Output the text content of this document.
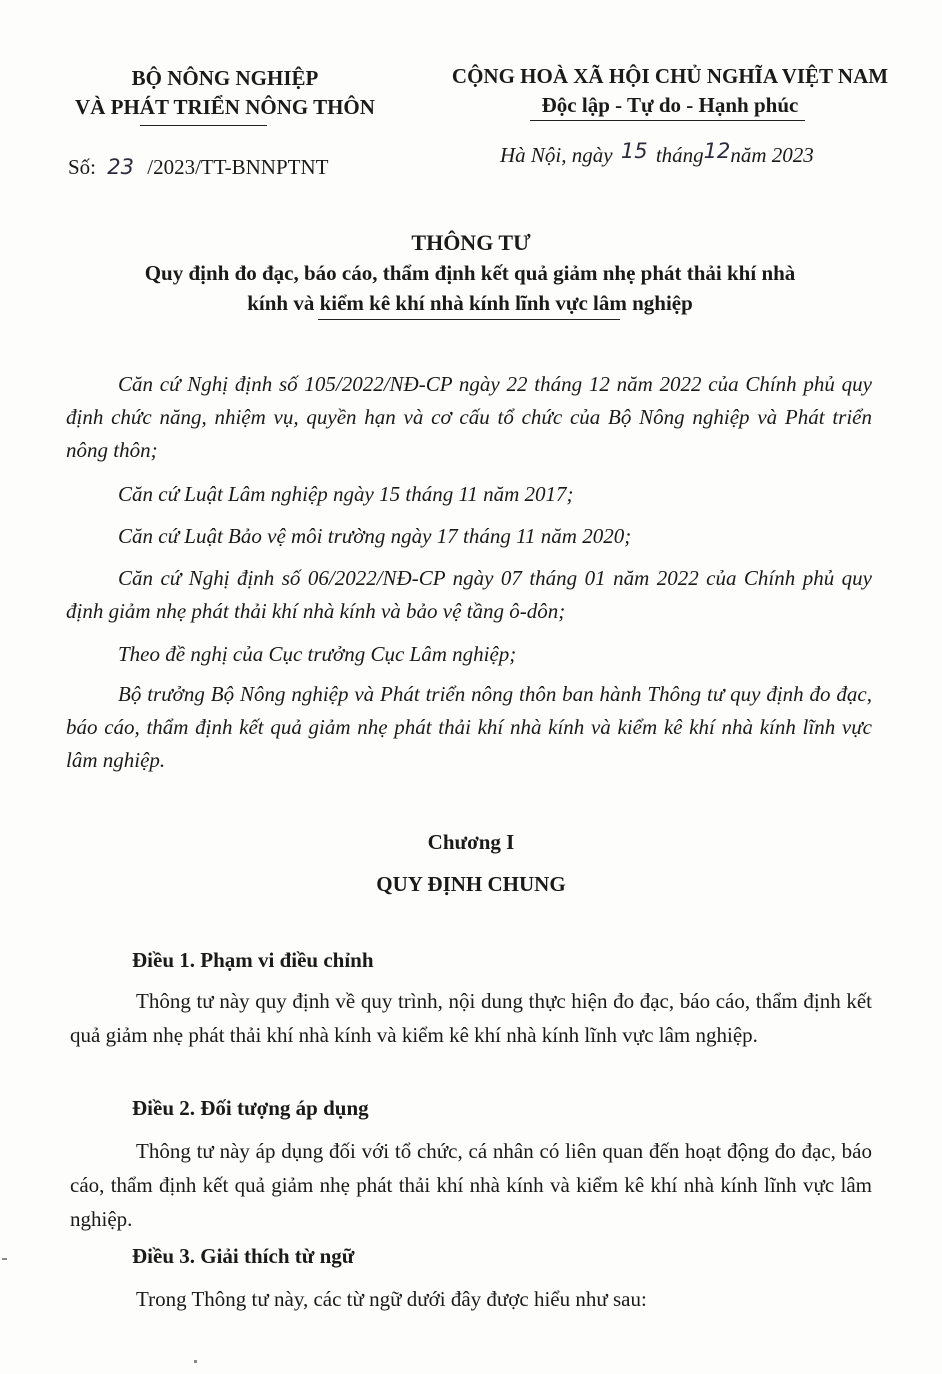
BỘ NÔNG NGHIỆP
VÀ PHÁT TRIỂN NÔNG THÔN
CỘNG HOÀ XÃ HỘI CHỦ NGHĨA VIỆT NAM
Độc lập - Tự do - Hạnh phúc
Số: 23 /2023/TT-BNNPTNT	Hà Nội, ngày 15 tháng12năm 2023
THÔNG TƯ
Quy định đo đạc, báo cáo, thẩm định kết quả giảm nhẹ phát thải khí nhà
kính và kiểm kê khí nhà kính lĩnh vực lâm nghiệp
Căn cứ Nghị định số 105/2022/NĐ-CP ngày 22 tháng 12 năm 2022 của Chính phủ quy định chức năng, nhiệm vụ, quyền hạn và cơ cấu tổ chức của Bộ Nông nghiệp và Phát triển nông thôn;
Căn cứ Luật Lâm nghiệp ngày 15 tháng 11 năm 2017;
Căn cứ Luật Bảo vệ môi trường ngày 17 tháng 11 năm 2020;
Căn cứ Nghị định số 06/2022/NĐ-CP ngày 07 tháng 01 năm 2022 của Chính phủ quy định giảm nhẹ phát thải khí nhà kính và bảo vệ tầng ô-dôn;
Theo đề nghị của Cục trưởng Cục Lâm nghiệp;
Bộ trưởng Bộ Nông nghiệp và Phát triển nông thôn ban hành Thông tư quy định đo đạc, báo cáo, thẩm định kết quả giảm nhẹ phát thải khí nhà kính và kiểm kê khí nhà kính lĩnh vực lâm nghiệp.
Chương I
QUY ĐỊNH CHUNG
Điều 1. Phạm vi điều chỉnh
Thông tư này quy định về quy trình, nội dung thực hiện đo đạc, báo cáo, thẩm định kết quả giảm nhẹ phát thải khí nhà kính và kiểm kê khí nhà kính lĩnh vực lâm nghiệp.
Điều 2. Đối tượng áp dụng
Thông tư này áp dụng đối với tổ chức, cá nhân có liên quan đến hoạt động đo đạc, báo cáo, thẩm định kết quả giảm nhẹ phát thải khí nhà kính và kiểm kê khí nhà kính lĩnh vực lâm nghiệp.
Điều 3. Giải thích từ ngữ
Trong Thông tư này, các từ ngữ dưới đây được hiểu như sau:
